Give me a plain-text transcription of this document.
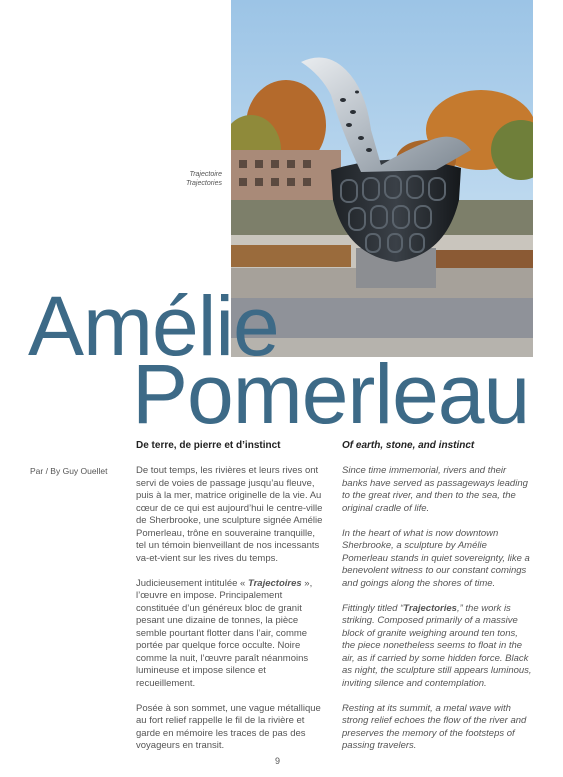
Trajectoire
Trajectories
Amélie
Pomerleau
Par / By Guy Ouellet
De terre, de pierre et d’instinct

De tout temps, les rivières et leurs rives ont servi de voies de passage jusqu’au fleuve, puis à la mer, matrice originelle de la vie. Au cœur de ce qui est aujourd’hui le centre-ville de Sherbrooke, une sculpture signée Amélie Pomerleau, trône en souveraine tranquille, tel un témoin bienveillant de nos incessants va-et-vient sur les rives du temps.

Judicieusement intitulée « Trajectoires », l’œuvre en impose. Principalement constituée d’un généreux bloc de granit pesant une dizaine de tonnes, la pièce semble pourtant flotter dans l’air, comme portée par quelque force occulte. Noire comme la nuit, l’œuvre paraît néanmoins lumineuse et impose silence et recueillement.

Posée à son sommet, une vague métallique au fort relief rappelle le fil de la rivière et garde en mémoire les traces de pas des voyageurs en transit.

Of earth, stone, and instinct

Since time immemorial, rivers and their banks have served as passageways leading to the great river, and then to the sea, the original cradle of life.

In the heart of what is now downtown Sherbrooke, a sculpture by Amélie Pomerleau stands in quiet sovereignty, like a benevolent witness to our constant comings and goings along the shores of time.

Fittingly titled “Trajectories,” the work is striking. Composed primarily of a massive block of granite weighing around ten tons, the piece nonetheless seems to float in the air, as if carried by some hidden force. Black as night, the sculpture still appears luminous, inviting silence and contemplation.

Resting at its summit, a metal wave with strong relief echoes the flow of the river and preserves the memory of the footsteps of passing travelers.

9
